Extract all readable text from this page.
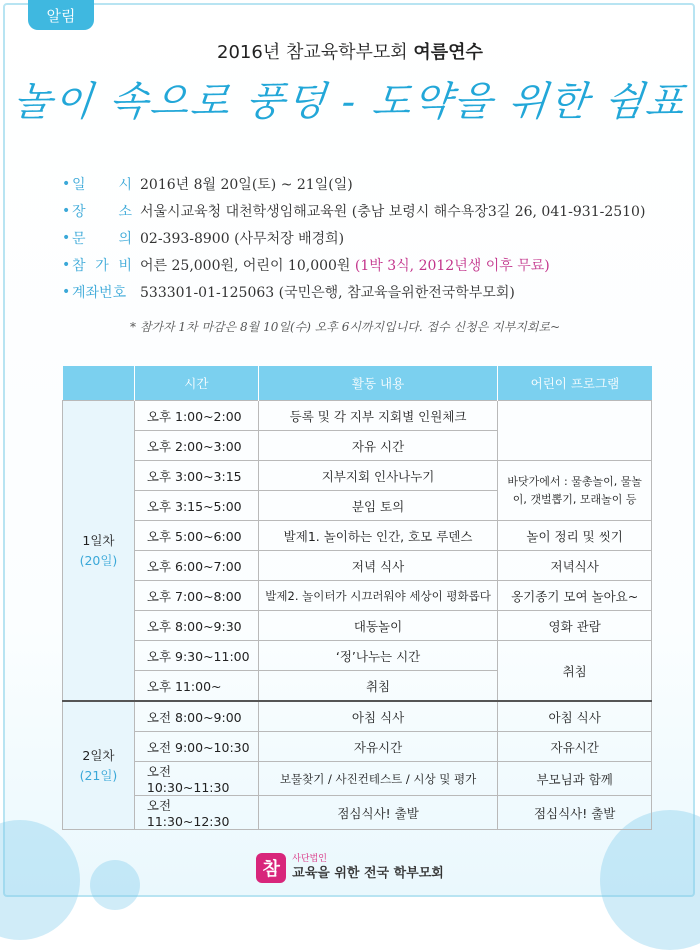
알림
2016년 참교육학부모회 여름연수
놀이 속으로 풍덩 - 도약을 위한 쉼표
• 일 시 2016년 8월 20일(토) ~ 21일(일)
• 장 소 서울시교육청 대천학생임해교육원 (충남 보령시 해수욕장3길 26, 041-931-2510)
• 문 의 02-393-8900 (사무처장 배경희)
• 참 가 비 어른 25,000원, 어린이 10,000원 (1박 3식, 2012년생 이후 무료)
• 계좌번호 533301-01-125063 (국민은행, 참교육을위한전국학부모회)
* 참가자 1차 마감은 8월 10일(수) 오후 6시까지입니다. 접수 신청은 지부지회로~
	시간	활동 내용	어린이 프로그램

1일차
(20일)	오후 1:00~2:00	등록 및 각 지부 지회별 인원체크	
	오후 2:00~3:00	자유 시간	
	오후 3:00~3:15	지부지회 인사나누기	바닷가에서 : 물총놀이, 물놀이, 갯벌뽑기, 모래놀이 등
	오후 3:15~5:00	분임 토의	
	오후 5:00~6:00	발제1. 놀이하는 인간, 호모 루덴스	놀이 정리 및 씻기
	오후 6:00~7:00	저녁 식사	저녁식사
	오후 7:00~8:00	발제2. 놀이터가 시끄러워야 세상이 평화롭다	옹기종기 모여 놀아요~
	오후 8:00~9:30	대동놀이	영화 관람
	오후 9:30~11:00	‘정’나누는 시간	취침
	오후 11:00~	취침	

2일차
(21일)	오전 8:00~9:00	아침 식사	아침 식사
	오전 9:00~10:30	자유시간	자유시간
	오전 10:30~11:30	보물찾기 / 사진컨테스트 / 시상 및 평가	부모님과 함께
	오전 11:30~12:30	점심식사! 출발	점심식사! 출발
참	사단법인
교육을 위한 전국 학부모회
